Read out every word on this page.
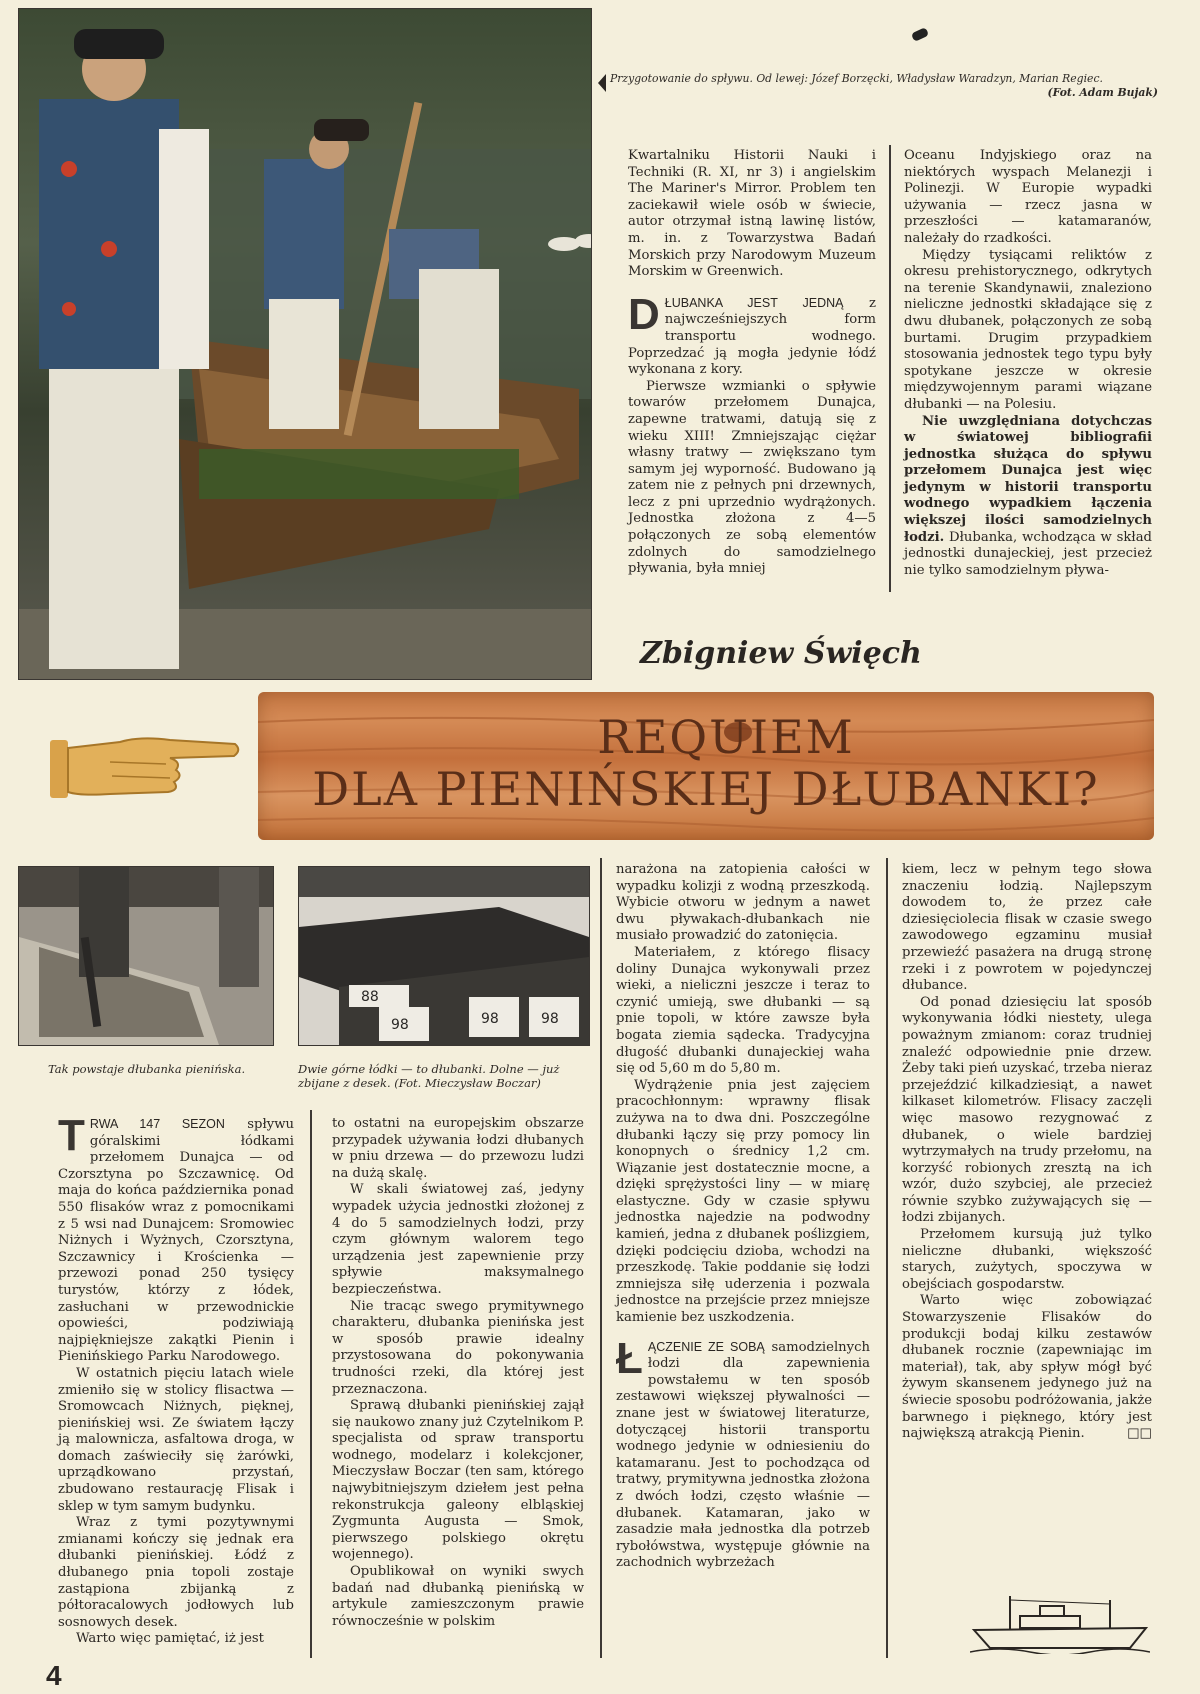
Przygotowanie do spływu. Od lewej: Józef Borzęcki, Władysław Waradzyn, Marian Regiec.
(Fot. Adam Bujak)

Kwartalniku Historii Nauki i Techniki (R. XI, nr 3) i angielskim The Mariner's Mirror. Problem ten zaciekawił wiele osób w świecie, autor otrzymał istną lawinę listów, m. in. z Towarzystwa Badań Morskich przy Narodowym Muzeum Morskim w Greenwich.

D ŁUBANKA JEST JEDNĄ z najwcześniejszych form transportu wodnego. Poprzedzać ją mogła jedynie łódź wykonana z kory.

Pierwsze wzmianki o spływie towarów przełomem Dunajca, zapewne tratwami, datują się z wieku XIII! Zmniejszając ciężar własny tratwy — zwiększano tym samym jej wyporność. Budowano ją zatem nie z pełnych pni drzewnych, lecz z pni uprzednio wydrążonych. Jednostka złożona z 4—5 połączonych ze sobą elementów zdolnych do samodzielnego pływania, była mniej

Oceanu Indyjskiego oraz na niektórych wyspach Melanezji i Polinezji. W Europie wypadki używania — rzecz jasna w przeszłości — katamaranów, należały do rzadkości.

Między tysiącami reliktów z okresu prehistorycznego, odkrytych na terenie Skandynawii, znaleziono nieliczne jednostki składające się z dwu dłubanek, połączonych ze sobą burtami. Drugim przypadkiem stosowania jednostek tego typu były spotykane jeszcze w okresie międzywojennym parami wiązane dłubanki — na Polesiu.

Nie uwzględniana dotychczas w światowej bibliografii jednostka służąca do spływu przełomem Dunajca jest więc jedynym w historii transportu wodnego wypadkiem łączenia większej ilości samodzielnych łodzi. Dłubanka, wchodząca w skład jednostki dunajeckiej, jest przecież nie tylko samodzielnym pływa-

Zbigniew Święch
REQUIEM
DLA PIENIŃSKIEJ DŁUBANKI?
88
98	98	98
Tak powstaje dłubanka pienińska.	Dwie górne łódki — to dłubanki. Dolne — już zbijane z desek. (Fot. Mieczysław Boczar)

T RWA 147 SEZON spływu góralskimi łódkami przełomem Dunajca — od Czorsztyna po Szczawnicę. Od maja do końca października ponad 550 flisaków wraz z pomocnikami z 5 wsi nad Dunajcem: Sromowiec Niżnych i Wyżnych, Czorsztyna, Szczawnicy i Krościenka — przewozi ponad 250 tysięcy turystów, którzy z łódek, zasłuchani w przewodnickie opowieści, podziwiają najpiękniejsze zakątki Pienin i Pienińskiego Parku Narodowego.

W ostatnich pięciu latach wiele zmieniło się w stolicy flisactwa — Sromowcach Niżnych, pięknej, pienińskiej wsi. Ze światem łączy ją malownicza, asfaltowa droga, w domach zaświeciły się żarówki, uprządkowano przystań, zbudowano restaurację Flisak i sklep w tym samym budynku.

Wraz z tymi pozytywnymi zmianami kończy się jednak era dłubanki pienińskiej. Łódź z dłubanego pnia topoli zostaje zastąpiona zbijanką z półtoracalowych jodłowych lub sosnowych desek.

Warto więc pamiętać, iż jest

to ostatni na europejskim obszarze przypadek używania łodzi dłubanych w pniu drzewa — do przewozu ludzi na dużą skalę.

W skali światowej zaś, jedyny wypadek użycia jednostki złożonej z 4 do 5 samodzielnych łodzi, przy czym głównym walorem tego urządzenia jest zapewnienie przy spływie maksymalnego bezpieczeństwa.

Nie tracąc swego prymitywnego charakteru, dłubanka pienińska jest w sposób prawie idealny przystosowana do pokonywania trudności rzeki, dla której jest przeznaczona.

Sprawą dłubanki pienińskiej zajął się naukowo znany już Czytelnikom P. specjalista od spraw transportu wodnego, modelarz i kolekcjoner, Mieczysław Boczar (ten sam, którego najwybitniejszym dziełem jest pełna rekonstrukcja galeony elbląskiej Zygmunta Augusta — Smok, pierwszego polskiego okrętu wojennego).

Opublikował on wyniki swych badań nad dłubanką pienińską w artykule zamieszczonym prawie równocześnie w polskim

narażona na zatopienia całości w wypadku kolizji z wodną przeszkodą. Wybicie otworu w jednym a nawet dwu pływakach-dłubankach nie musiało prowadzić do zatonięcia.

Materiałem, z którego flisacy doliny Dunajca wykonywali przez wieki, a nieliczni jeszcze i teraz to czynić umieją, swe dłubanki — są pnie topoli, w które zawsze była bogata ziemia sądecka. Tradycyjna długość dłubanki dunajeckiej waha się od 5,60 m do 5,80 m.

Wydrążenie pnia jest zajęciem pracochłonnym: wprawny flisak zużywa na to dwa dni. Poszczególne dłubanki łączy się przy pomocy lin konopnych o średnicy 1,2 cm. Wiązanie jest dostatecznie mocne, a dzięki sprężystości liny — w miarę elastyczne. Gdy w czasie spływu jednostka najedzie na podwodny kamień, jedna z dłubanek poślizgiem, dzięki podcięciu dzioba, wchodzi na przeszkodę. Takie poddanie się łodzi zmniejsza siłę uderzenia i pozwala jednostce na przejście przez mniejsze kamienie bez uszkodzenia.

Ł ĄCZENIE ZE SOBĄ samodzielnych łodzi dla zapewnienia powstałemu w ten sposób zestawowi większej pływalności — znane jest w światowej literaturze, dotyczącej historii transportu wodnego jedynie w odniesieniu do katamaranu. Jest to pochodząca od tratwy, prymitywna jednostka złożona z dwóch łodzi, często właśnie — dłubanek. Katamaran, jako w zasadzie mała jednostka dla potrzeb rybołówstwa, występuje głównie na zachodnich wybrzeżach

kiem, lecz w pełnym tego słowa znaczeniu łodzią. Najlepszym dowodem to, że przez całe dziesięciolecia flisak w czasie swego zawodowego egzaminu musiał przewieźć pasażera na drugą stronę rzeki i z powrotem w pojedynczej dłubance.

Od ponad dziesięciu lat sposób wykonywania łódki niestety, ulega poważnym zmianom: coraz trudniej znaleźć odpowiednie pnie drzew. Żeby taki pień uzyskać, trzeba nieraz przejeździć kilkadziesiąt, a nawet kilkaset kilometrów. Flisacy zaczęli więc masowo rezygnować z dłubanek, o wiele bardziej wytrzymałych na trudy przełomu, na korzyść robionych zresztą na ich wzór, dużo szybciej, ale przecież równie szybko zużywających się — łodzi zbijanych.

Przełomem kursują już tylko nieliczne dłubanki, większość starych, zużytych, spoczywa w obejściach gospodarstw.

Warto więc zobowiązać Stowarzyszenie Flisaków do produkcji bodaj kilku zestawów dłubanek rocznie (zapewniając im materiał), tak, aby spływ mógł być żywym skansenem jedynego już na świecie sposobu podróżowania, jakże barwnego i pięknego, który jest największą atrakcją Pienin.	□□

4
